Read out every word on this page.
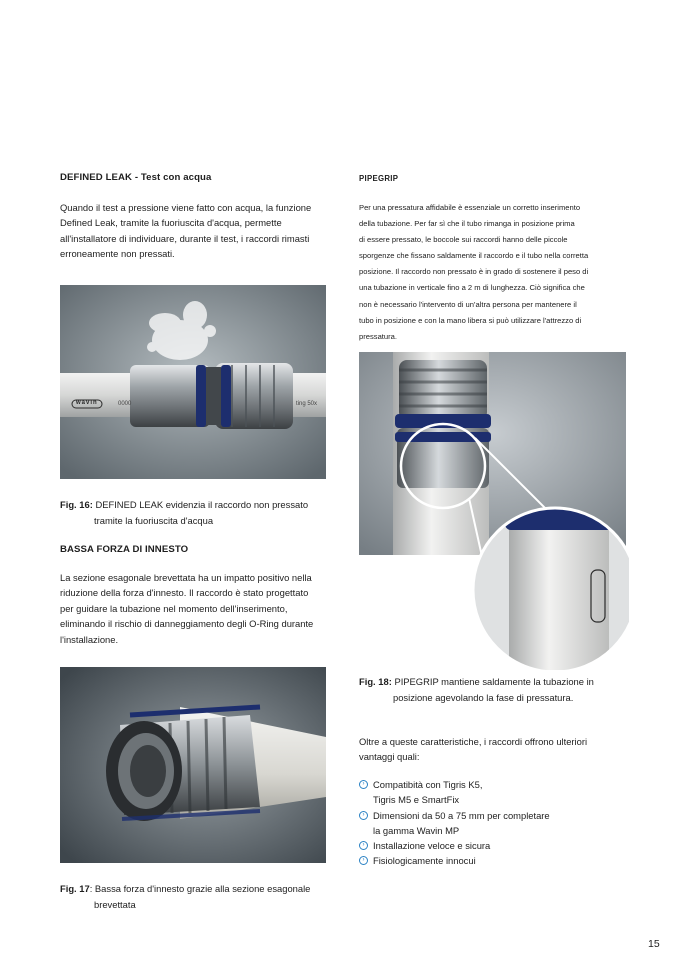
DEFINED LEAK - Test con acqua
Quando il test a pressione viene fatto con acqua, la funzione
Defined Leak, tramite la fuoriuscita d'acqua, permette
all'installatore di individuare, durante il test, i raccordi rimasti
erroneamente non pressati.
wavin	0000	ting 50x
Fig. 16: DEFINED LEAK evidenzia il raccordo non pressato
tramite la fuoriuscita d'acqua
BASSA FORZA DI INNESTO
La sezione esagonale brevettata ha un impatto positivo nella
riduzione della forza d'innesto. Il raccordo è stato progettato
per guidare la tubazione nel momento dell'inserimento,
eliminando il rischio di danneggiamento degli O-Ring durante
l'installazione.
Fig. 17: Bassa forza d'innesto grazie alla sezione esagonale
brevettata
PIPEGRIP
Per una pressatura affidabile è essenziale un corretto inserimento
della tubazione. Per far sì che il tubo rimanga in posizione prima
di essere pressato, le boccole sui raccordi hanno delle piccole
sporgenze che fissano saldamente il raccordo e il tubo nella corretta
posizione. Il raccordo non pressato è in grado di sostenere il peso di
una tubazione in verticale fino a 2 m di lunghezza. Ciò significa che
non è necessario l'intervento di un'altra persona per mantenere il
tubo in posizione e con la mano libera si può utilizzare l'attrezzo di
pressatura.
Fig. 18: PIPEGRIP mantiene saldamente la tubazione in
posizione agevolando la fase di pressatura.
Oltre a queste caratteristiche, i raccordi offrono ulteriori
vantaggi quali:
› Compatibità con Tigris K5,
Tigris M5 e SmartFix
› Dimensioni da 50 a 75 mm per completare
la gamma Wavin MP
› Installazione veloce e sicura
› Fisiologicamente innocui
15
